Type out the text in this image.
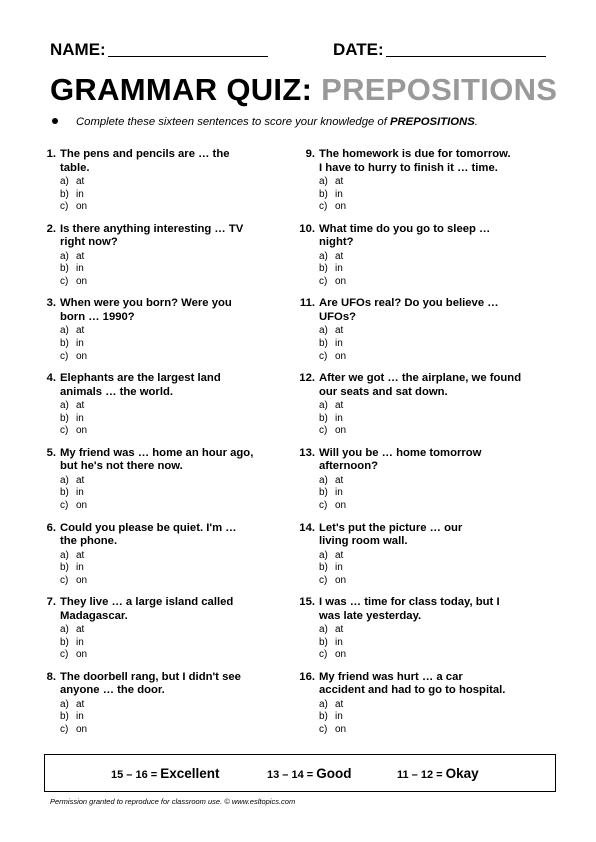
NAME:	DATE:
GRAMMAR QUIZ: PREPOSITIONS
Complete these sixteen sentences to score your knowledge of PREPOSITIONS.
1. The pens and pencils are … the
table.
a) at
b) in
c) on
2. Is there anything interesting … TV
right now?
a) at
b) in
c) on
3. When were you born? Were you
born … 1990?
a) at
b) in
c) on
4. Elephants are the largest land
animals … the world.
a) at
b) in
c) on
5. My friend was … home an hour ago,
but he's not there now.
a) at
b) in
c) on
6. Could you please be quiet. I'm …
the phone.
a) at
b) in
c) on
7. They live … a large island called
Madagascar.
a) at
b) in
c) on
8. The doorbell rang, but I didn't see
anyone … the door.
a) at
b) in
c) on
9. The homework is due for tomorrow.
I have to hurry to finish it … time.
a) at
b) in
c) on
10. What time do you go to sleep …
night?
a) at
b) in
c) on
11. Are UFOs real? Do you believe …
UFOs?
a) at
b) in
c) on
12. After we got … the airplane, we found
our seats and sat down.
a) at
b) in
c) on
13. Will you be … home tomorrow
afternoon?
a) at
b) in
c) on
14. Let's put the picture … our
living room wall.
a) at
b) in
c) on
15. I was … time for class today, but I
was late yesterday.
a) at
b) in
c) on
16. My friend was hurt … a car
accident and had to go to hospital.
a) at
b) in
c) on
15 – 16 = Excellent	13 – 14 = Good	11 – 12 = Okay
Permission granted to reproduce for classroom use. © www.esltopics.com
